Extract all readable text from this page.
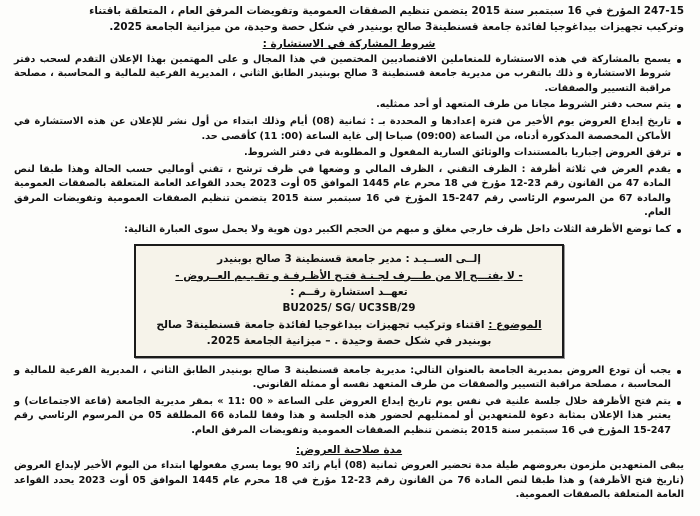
247-15 المؤرخ في 16 سبتمبر سنة 2015 يتضمن تنظيم الصفقات العمومية وتفويضات المرفق العام ، المتعلقة باقتناء

وتركيب تجهيزات بيداغوجيا لفائدة جامعة قسنطينة3 صالح بوبنيدر في شكل حصة وحيدة، من ميزانية الجامعة 2025.

شروط المشاركة في الاستشارة :
يسمح بالمشاركة في هذه الاستشارة للمتعاملين الاقتصاديين المختصين في هذا المجال و على المهتمين بهذا الإعلان التقدم لسحب دفتر شروط الاستشارة و ذلك بالتقرب من مديرية جامعة قسنطينة 3 صالح بوبنيدر الطابق الثاني ، المديرية الفرعية للمالية و المحاسبة ، مصلحة مراقبة التسيير والصفقات.
يتم سحب دفتر الشروط مجانا من طرف المتعهد أو أحد ممثليه.
تاريخ إيداع العروض يوم الأخير من فترة إعدادها و المحددة بـ : ثمانية (08) أيام وذلك ابتداء من أول نشر للإعلان عن هذه الاستشارة في الأماكن المخصصة المذكورة أدناه، من الساعة (09:00) صباحا إلى غاية الساعة (00: 11) كأقصى حد.
ترفق العروض إجباريا بالمستندات والوثائق السارية المفعول و المطلوبة في دفتر الشروط.
يقدم العرض في ثلاثة أظرفة : الظرف التقني ، الظرف المالي و وضعها في ظرف ترشح ، تقني أوماليي حسب الحالة وهذا طبقا لنص المادة 47 من القانون رقم 23-12 مؤرخ في 18 محرم عام 1445 الموافق 05 أوت 2023 يحدد القواعد العامة المتعلقة بالصفقات العمومية والمادة 67 من المرسوم الرئاسي رقم 247-15 المؤرخ في 16 سبتمبر سنة 2015 يتضمن تنظيم الصفقات العمومية وتفويضات المرفق العام.
كما توضع الأظرفة الثلاث داخل ظرف خارجي مغلق و مبهم من الحجم الكبير دون هوية ولا يحمل سوى العبارة التالية:
إلــى الســيـد : مدير جامعة قسنطينة 3 صالح بوبنيدر
- لا يفتـــح إلا من طـــرف لجـنـة فتـح الأظـرفـة و تقـيـيم العــروض -
تعهــد استشارة رقــم :
BU2025/ SG/ UC3SB/29
الموضوع : اقتناء وتركيب تجهيزات بيداغوجيا لفائدة جامعة قسنطينة3 صالح بوبنيدر في شكل حصة وحيدة . – ميزانية الجامعة 2025.
يجب أن تودع العروض بمديرية الجامعة بالعنوان التالي: مديرية جامعة قسنطينة 3 صالح بوبنيدر الطابق الثاني ، المديرية الفرعية للمالية و المحاسبة ، مصلحة مراقبة التسيير والصفقات من طرف المتعهد نفسه أو ممثله القانوني.
يتم فتح الأظرفة خلال جلسة علنية في نفس يوم تاريخ إيداع العروض على الساعة « 00 :11 » بمقر مديرية الجامعة (قاعة الاجتماعات) و يعتبر هذا الإعلان بمثابة دعوة للمتعهدين أو لممثليهم لحضور هذه الجلسة و هذا وفقا للمادة 66 المطلقة 05 من المرسوم الرئاسي رقم 247-15 المؤرخ في 16 سبتمبر سنة 2015 يتضمن تنظيم الصفقات العمومية وتفويضات المرفق العام.
مدة صلاحية العروض:

يبقى المتعهدين ملزمون بعروضهم طيلة مدة تحضير العروض ثمانية (08) أيام زائد 90 يوما يسري مفعولها ابتداء من اليوم الأخير لإيداع العروض (تاريخ فتح الأظرفة) و هذا طبقا لنص المادة 76 من القانون رقم 23-12 مؤرخ في 18 محرم عام 1445 الموافق 05 أوت 2023 يحدد القواعد العامة المتعلقة بالصفقات العمومية.
